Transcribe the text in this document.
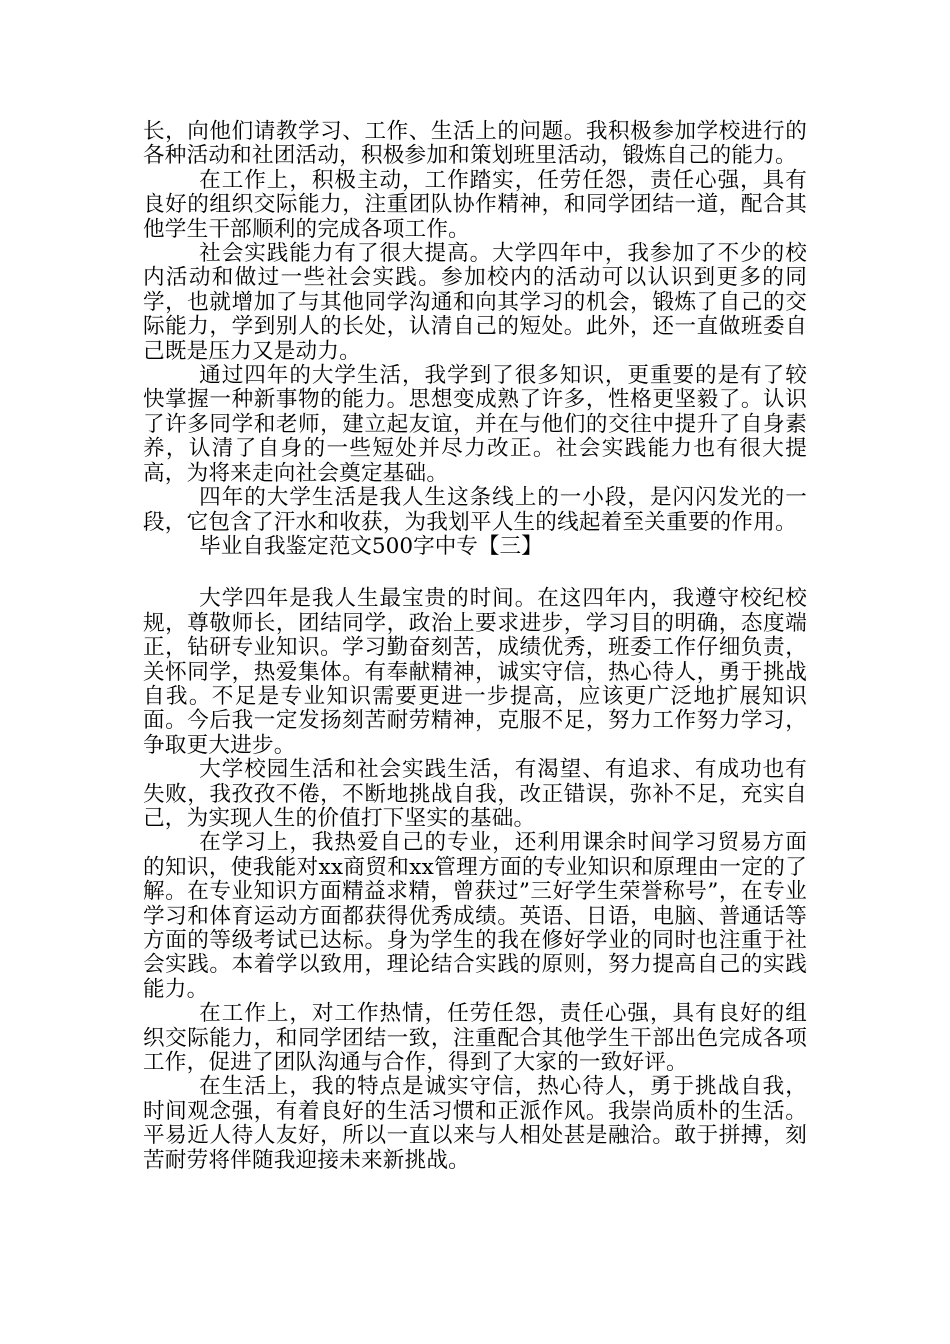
长，向他们请教学习、工作、生活上的问题。我积极参加学校进行的各种活动和社团活动，积极参加和策划班里活动，锻炼自己的能力。

在工作上，积极主动，工作踏实，任劳任怨，责任心强，具有良好的组织交际能力，注重团队协作精神，和同学团结一道，配合其他学生干部顺利的完成各项工作。

社会实践能力有了很大提高。大学四年中，我参加了不少的校内活动和做过一些社会实践。参加校内的活动可以认识到更多的同学，也就增加了与其他同学沟通和向其学习的机会，锻炼了自己的交际能力，学到别人的长处，认清自己的短处。此外，还一直做班委自己既是压力又是动力。

通过四年的大学生活，我学到了很多知识，更重要的是有了较快掌握一种新事物的能力。思想变成熟了许多，性格更坚毅了。认识了许多同学和老师，建立起友谊，并在与他们的交往中提升了自身素养，认清了自身的一些短处并尽力改正。社会实践能力也有很大提高，为将来走向社会奠定基础。

四年的大学生活是我人生这条线上的一小段，是闪闪发光的一段，它包含了汗水和收获，为我划平人生的线起着至关重要的作用。

毕业自我鉴定范文500字中专【三】

大学四年是我人生最宝贵的时间。在这四年内，我遵守校纪校规，尊敬师长，团结同学，政治上要求进步，学习目的明确，态度端正，钻研专业知识。学习勤奋刻苦，成绩优秀，班委工作仔细负责，关怀同学，热爱集体。有奉献精神，诚实守信，热心待人，勇于挑战自我。不足是专业知识需要更进一步提高，应该更广泛地扩展知识面。今后我一定发扬刻苦耐劳精神，克服不足，努力工作努力学习，争取更大进步。

大学校园生活和社会实践生活，有渴望、有追求、有成功也有失败，我孜孜不倦，不断地挑战自我，改正错误，弥补不足，充实自己，为实现人生的价值打下坚实的基础。

在学习上，我热爱自己的专业，还利用课余时间学习贸易方面的知识，使我能对xx商贸和xx管理方面的专业知识和原理由一定的了解。在专业知识方面精益求精，曾获过”三好学生荣誉称号”，在专业学习和体育运动方面都获得优秀成绩。英语、日语，电脑、普通话等方面的等级考试已达标。身为学生的我在修好学业的同时也注重于社会实践。本着学以致用，理论结合实践的原则，努力提高自己的实践能力。

在工作上，对工作热情，任劳任怨，责任心强，具有良好的组织交际能力，和同学团结一致，注重配合其他学生干部出色完成各项工作，促进了团队沟通与合作，得到了大家的一致好评。

在生活上，我的特点是诚实守信，热心待人，勇于挑战自我，时间观念强，有着良好的生活习惯和正派作风。我崇尚质朴的生活。平易近人待人友好，所以一直以来与人相处甚是融洽。敢于拼搏，刻苦耐劳将伴随我迎接未来新挑战。
